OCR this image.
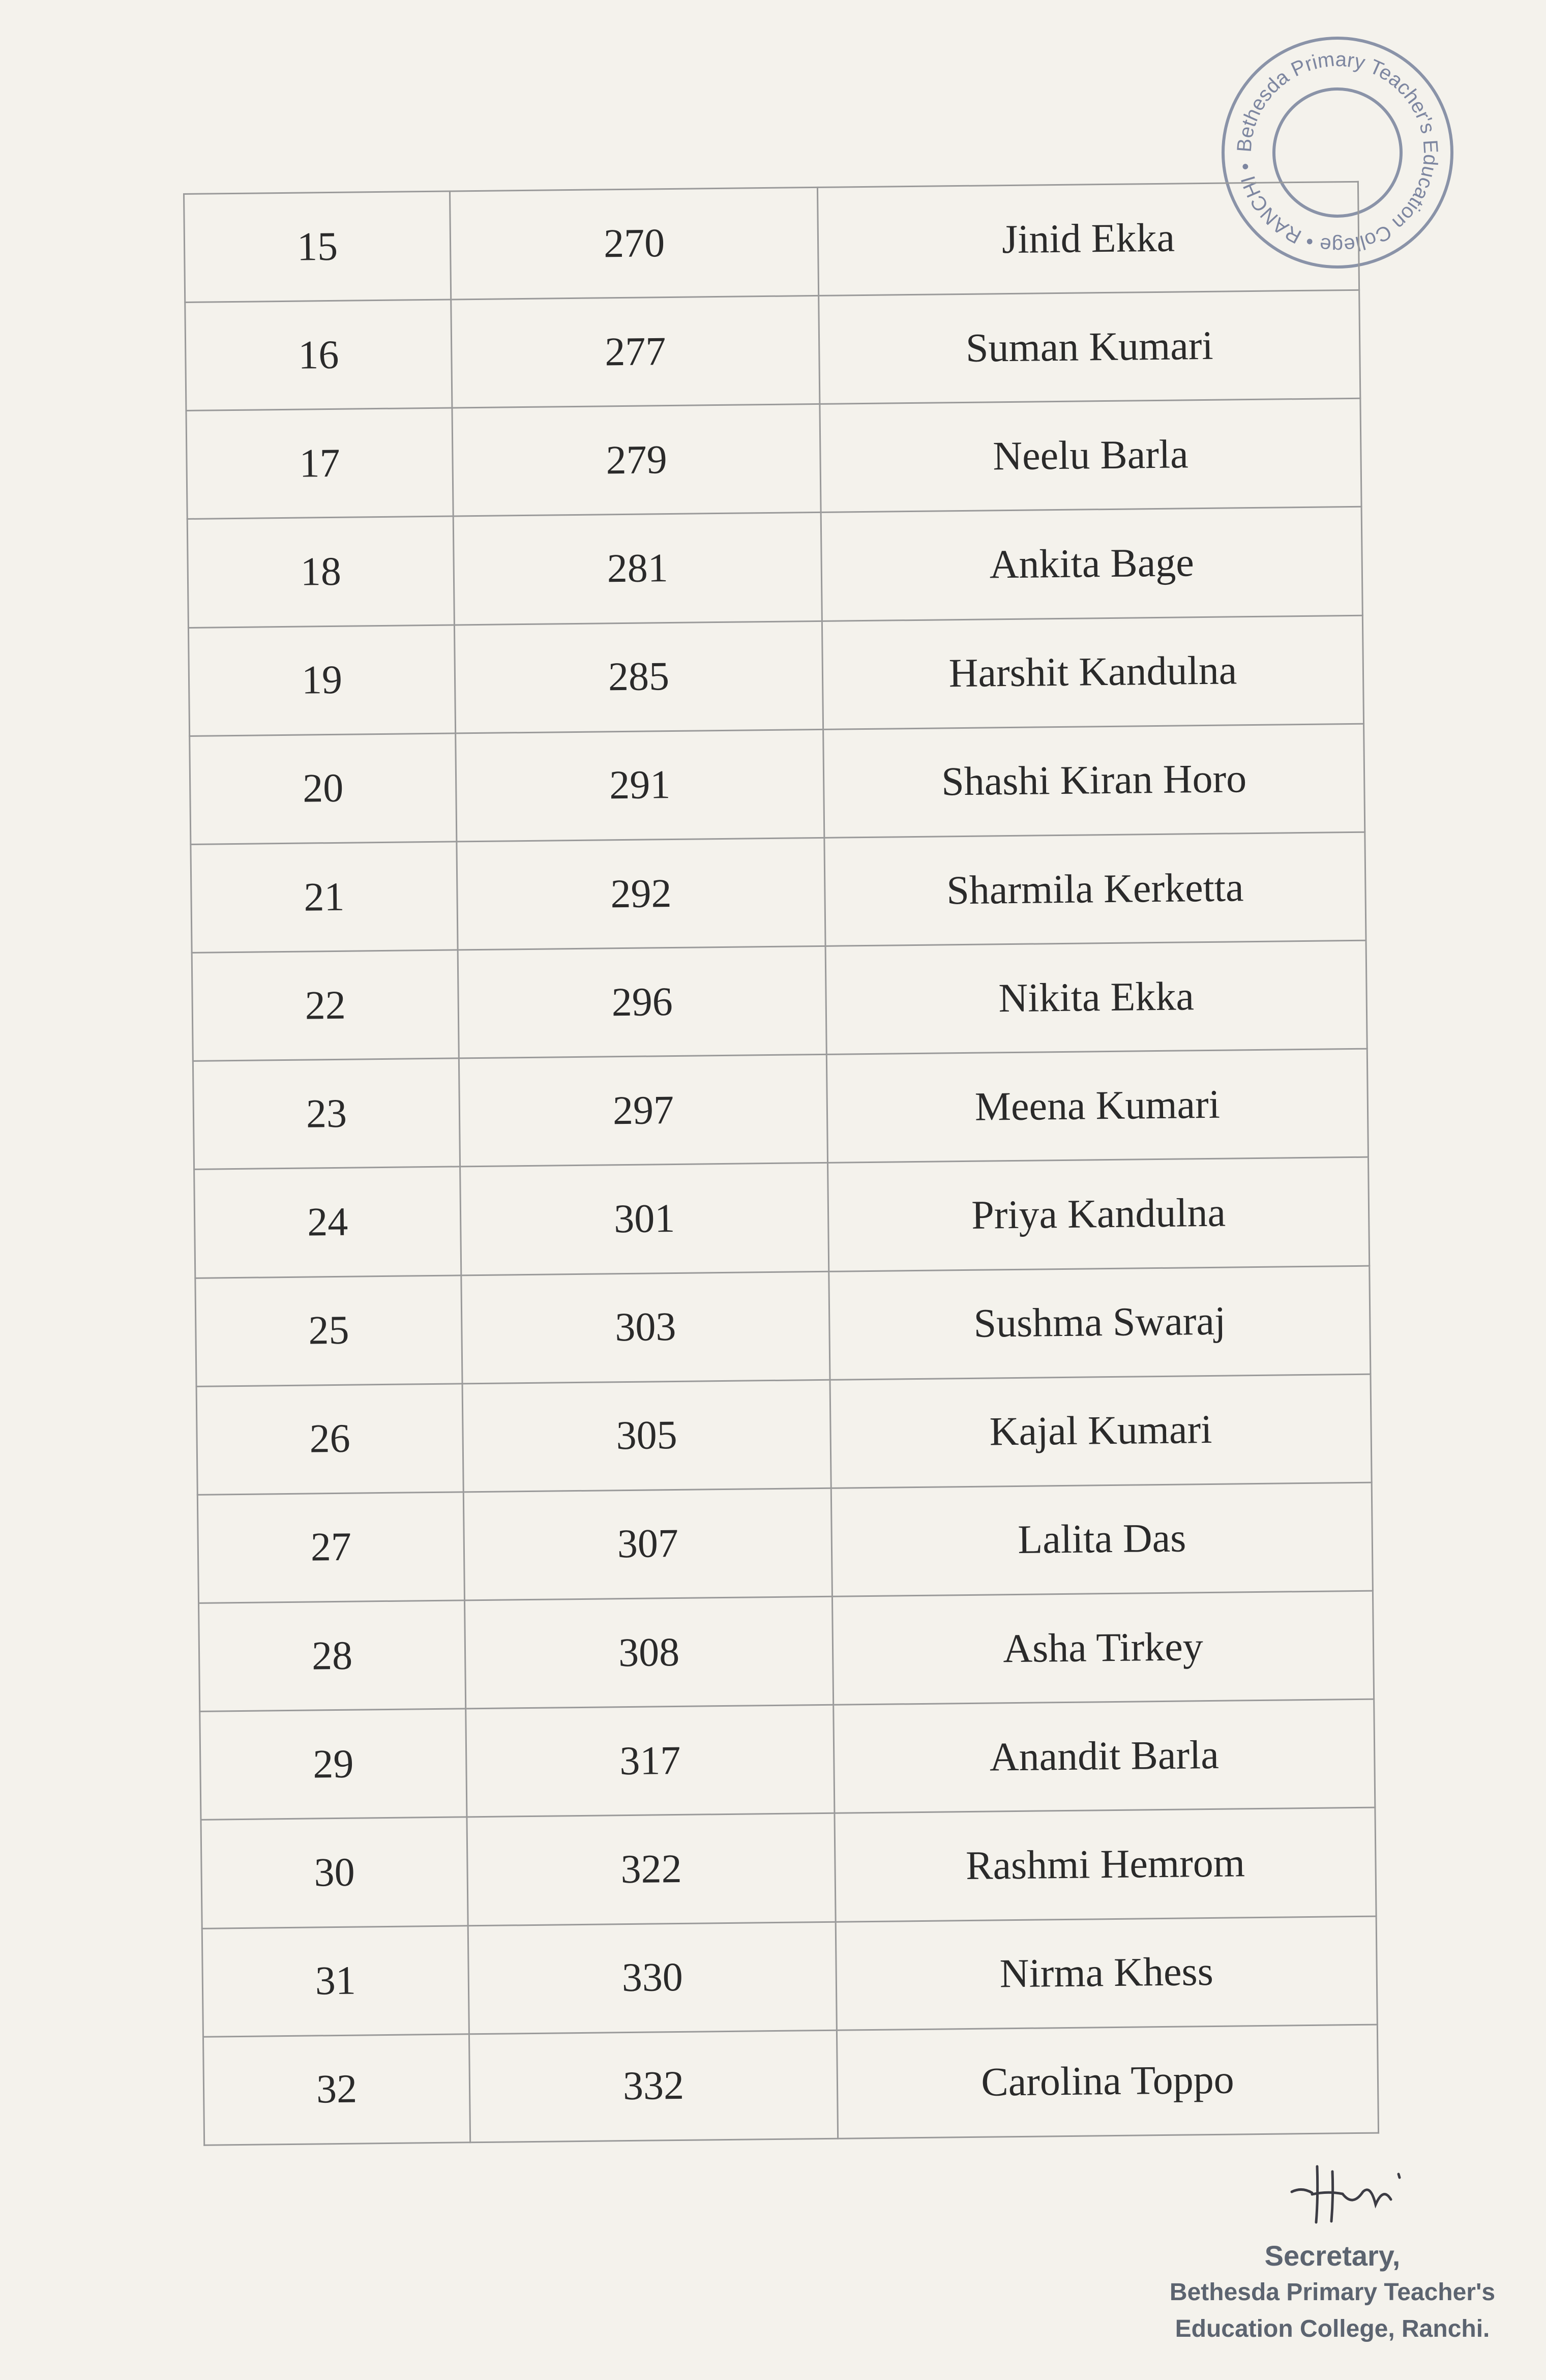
Bethesda Primary Teacher's Education College • RANCHI •
15	270	Jinid Ekka
16	277	Suman Kumari
17	279	Neelu Barla
18	281	Ankita Bage
19	285	Harshit Kandulna
20	291	Shashi Kiran Horo
21	292	Sharmila Kerketta
22	296	Nikita Ekka
23	297	Meena Kumari
24	301	Priya Kandulna
25	303	Sushma Swaraj
26	305	Kajal Kumari
27	307	Lalita Das
28	308	Asha Tirkey
29	317	Anandit Barla
30	322	Rashmi Hemrom
31	330	Nirma Khess
32	332	Carolina Toppo
Secretary,
Bethesda Primary Teacher's
Education College, Ranchi.
